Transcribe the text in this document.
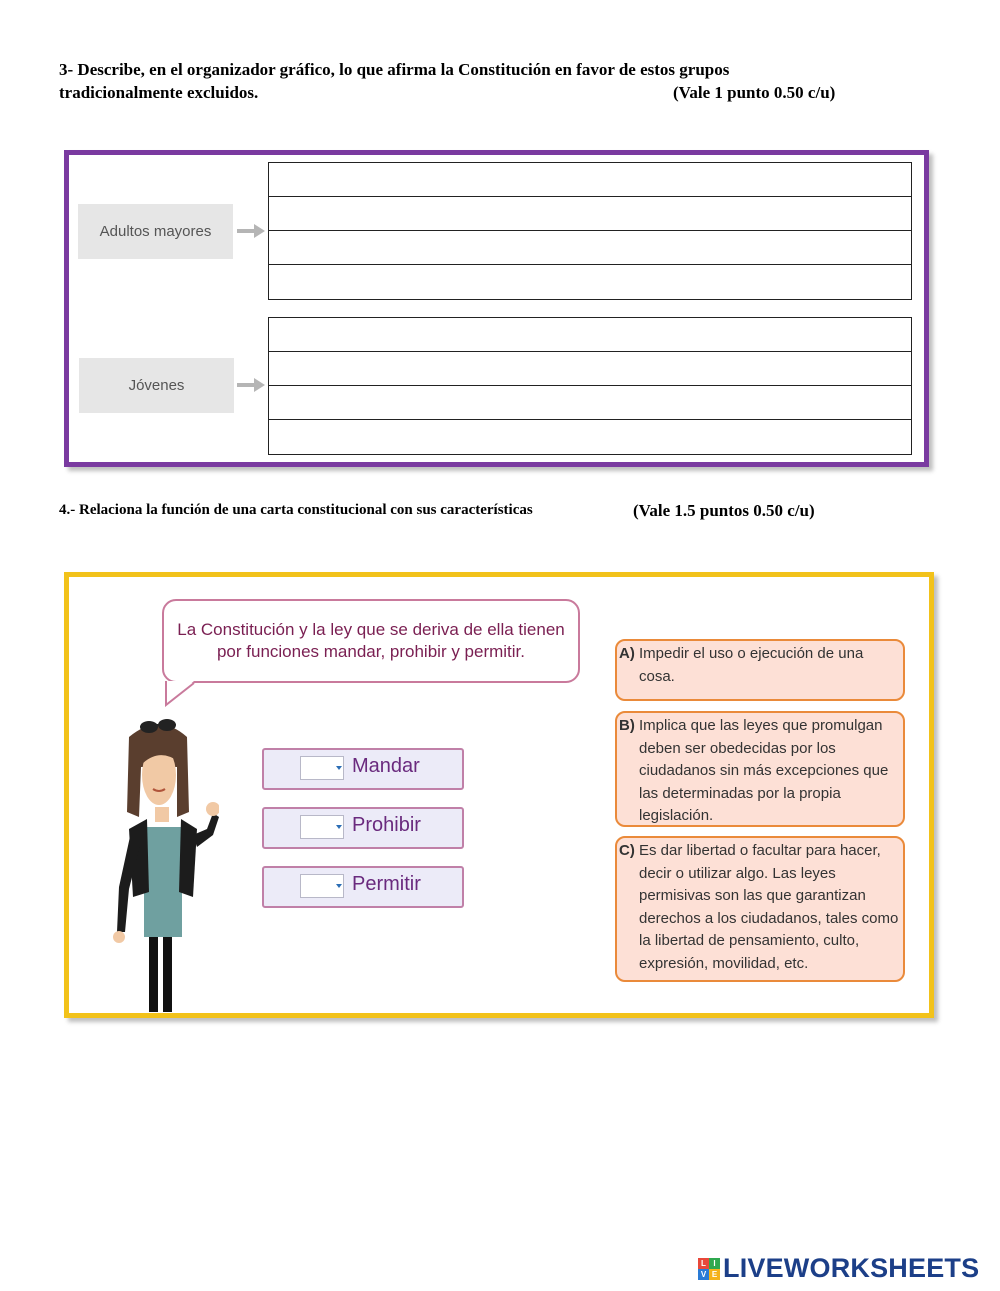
3- Describe, en el organizador gráfico, lo que afirma la Constitución en favor de estos grupos
tradicionalmente excluidos.	(Vale 1 punto 0.50 c/u)
Adultos mayores
Jóvenes
4.- Relaciona la función de una carta constitucional con sus características	(Vale 1.5 puntos 0.50 c/u)
La Constitución y la ley que se deriva de ella tienen por funciones mandar, prohibir y permitir.
Mandar
Prohibir
Permitir
A) Impedir el uso o ejecución de una cosa.
B) Implica que las leyes que promulgan deben ser obedecidas por los ciudadanos sin más excepciones que las determinadas por la propia legislación.
C) Es dar libertad o facultar para hacer, decir o utilizar algo. Las leyes permisivas son las que garantizan derechos a los ciudadanos, tales como la libertad de pensamiento, culto, expresión, movilidad, etc.
L I
V E LIVEWORKSHEETS
